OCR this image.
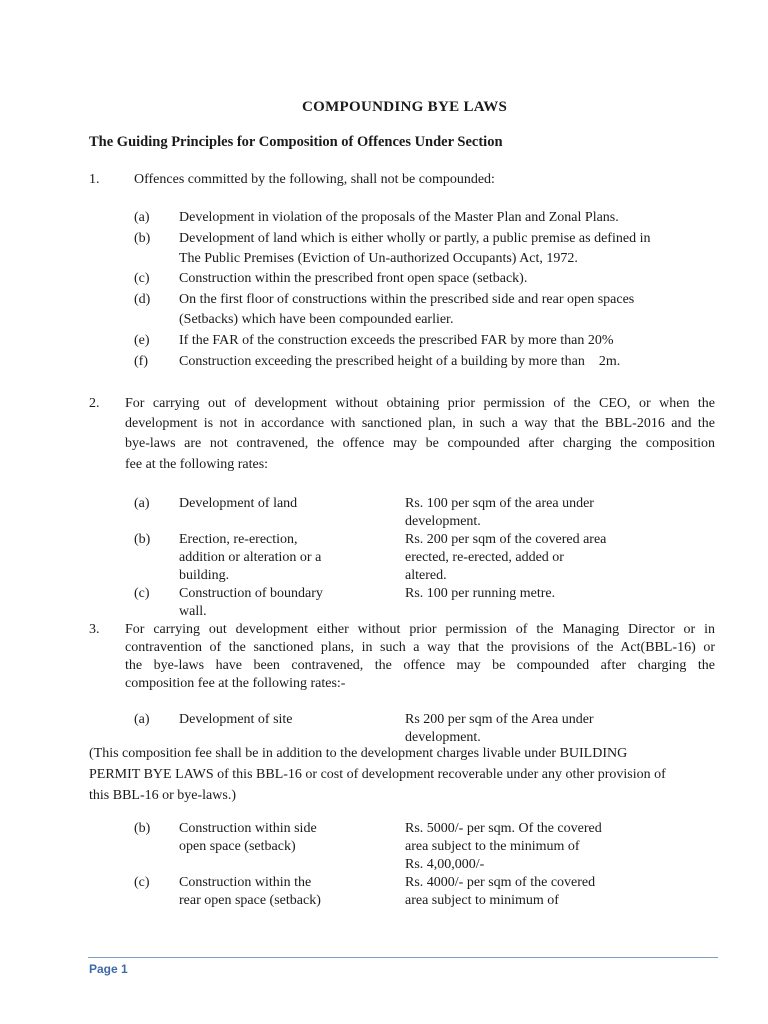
COMPOUNDING BYE LAWS
The Guiding Principles for Composition of Offences Under Section
1. Offences committed by the following, shall not be compounded:
(a) Development in violation of the proposals of the Master Plan and Zonal Plans.
(b) Development of land which is either wholly or partly, a public premise as defined in
The Public Premises (Eviction of Un-authorized Occupants) Act, 1972.
(c) Construction within the prescribed front open space (setback).
(d) On the first floor of constructions within the prescribed side and rear open spaces
(Setbacks) which have been compounded earlier.
(e) If the FAR of the construction exceeds the prescribed FAR by more than 20%
(f) Construction exceeding the prescribed height of a building by more than    2m.
2. For carrying out of development without obtaining prior permission of the CEO, or when the
development is not in accordance with sanctioned plan, in such a way that the BBL-2016 and the
bye-laws are not contravened, the offence may be compounded after charging the composition
fee at the following rates:
(a) Development of land	Rs. 100 per sqm of the area under
development.
(b) Erection, re-erection,
addition or alteration or a
building.
Rs. 200 per sqm of the covered area
erected, re-erected, added or
altered.
(c) Construction of boundary
wall.
Rs. 100 per running metre.
3. For carrying out development either without prior permission of the Managing Director or in
contravention of the sanctioned plans, in such a way that the provisions of the Act(BBL-16) or
the bye-laws have been contravened, the offence may be compounded after charging the
composition fee at the following rates:-
(a) Development of site	Rs 200 per sqm of the Area under
development.
(This composition fee shall be in addition to the development charges livable under BUILDING
PERMIT BYE LAWS of this BBL-16 or cost of development recoverable under any other provision of
this BBL-16 or bye-laws.)
(b) Construction within side
open space (setback)
Rs. 5000/- per sqm. Of the covered
area subject to the minimum of
Rs. 4,00,000/-
(c) Construction within the
rear open space (setback)
Rs. 4000/- per sqm of the covered
area subject to minimum of
Page 1
